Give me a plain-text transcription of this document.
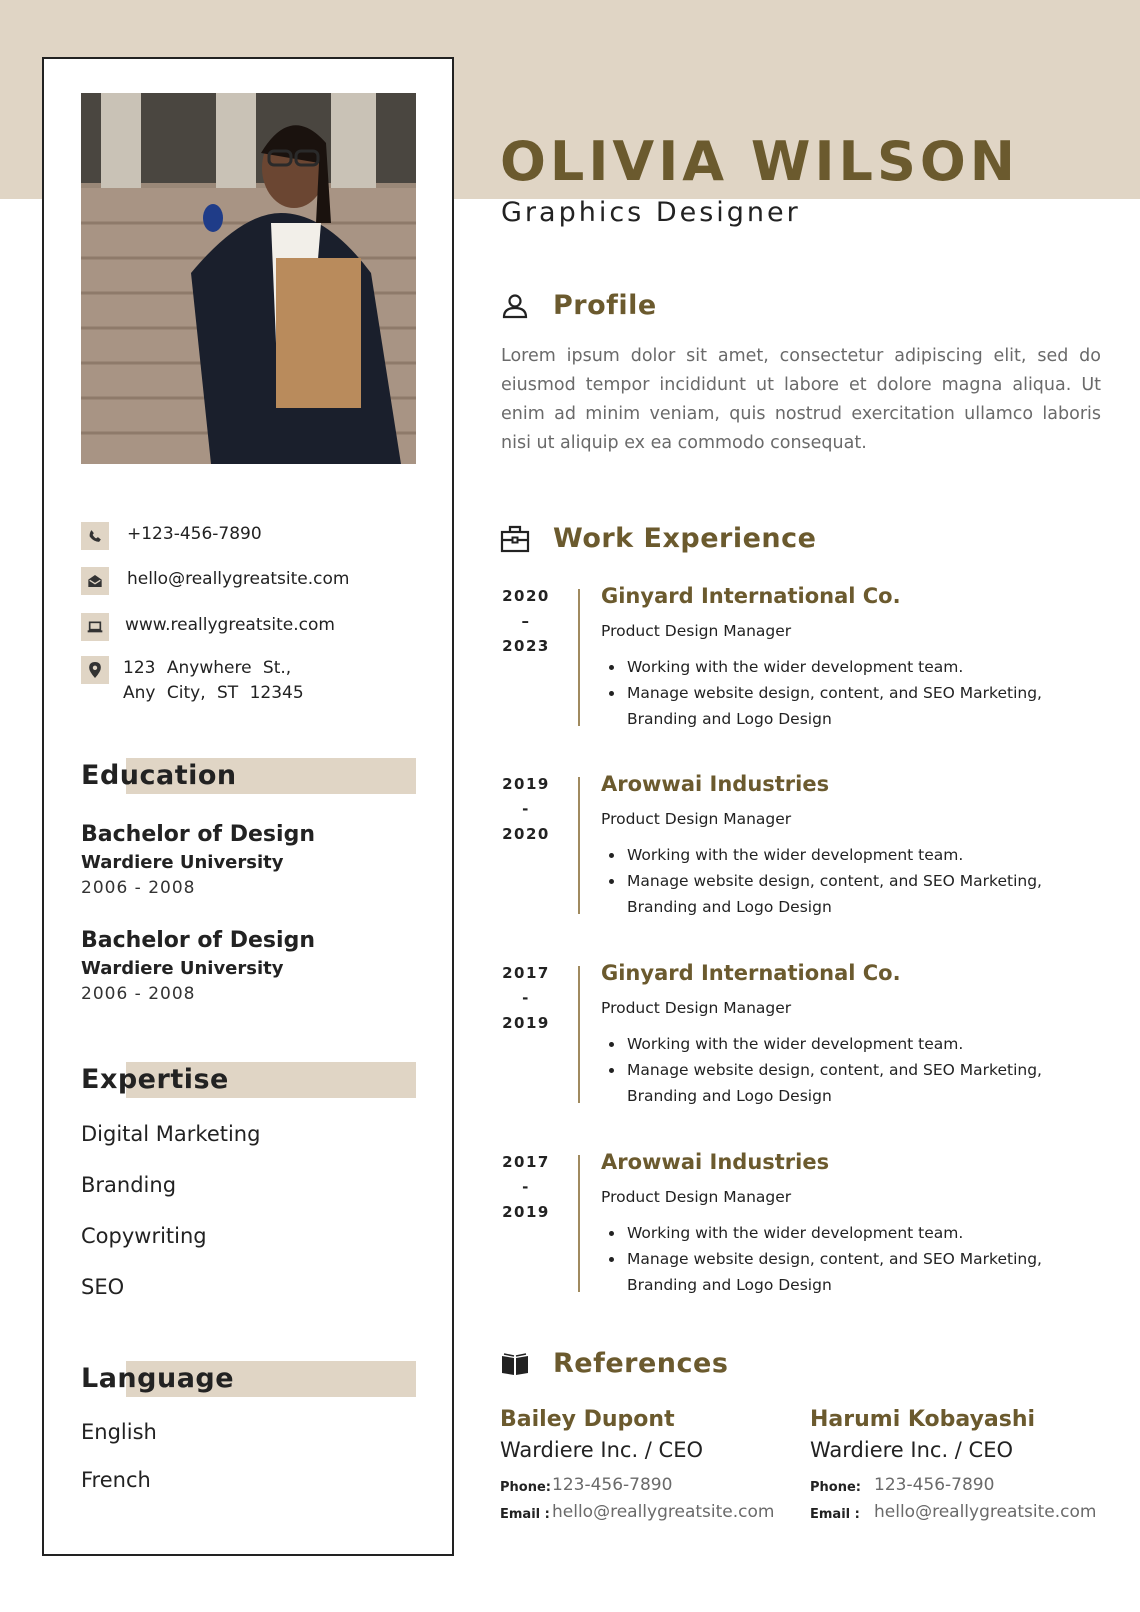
+123-456-7890
hello@reallygreatsite.com
www.reallygreatsite.com
123 Anywhere St., Any City, ST 12345
Education
Bachelor of Design
Wardiere University
2006 - 2008
Bachelor of Design
Wardiere University
2006 - 2008
Expertise
Digital Marketing
Branding
Copywriting
SEO
Language
English
French
OLIVIA WILSON
Graphics Designer
Profile
Lorem ipsum dolor sit amet, consectetur adipiscing elit, sed do eiusmod tempor incididunt ut labore et dolore magna aliqua. Ut enim ad minim veniam, quis nostrud exercitation ullamco laboris nisi ut aliquip ex ea commodo consequat.
Work Experience
2020
–
2023
Ginyard International Co.
Product Design Manager
Working with the wider development team.
Manage website design, content, and SEO Marketing, Branding and Logo Design
2019
-
2020
Arowwai Industries
Product Design Manager
Working with the wider development team.
Manage website design, content, and SEO Marketing, Branding and Logo Design
2017
-
2019
Ginyard International Co.
Product Design Manager
Working with the wider development team.
Manage website design, content, and SEO Marketing, Branding and Logo Design
2017
-
2019
Arowwai Industries
Product Design Manager
Working with the wider development team.
Manage website design, content, and SEO Marketing, Branding and Logo Design
References
Bailey Dupont
Wardiere Inc. / CEO
Phone: 123-456-7890
Email : hello@reallygreatsite.com
Harumi Kobayashi
Wardiere Inc. / CEO
Phone: 123-456-7890
Email : hello@reallygreatsite.com
